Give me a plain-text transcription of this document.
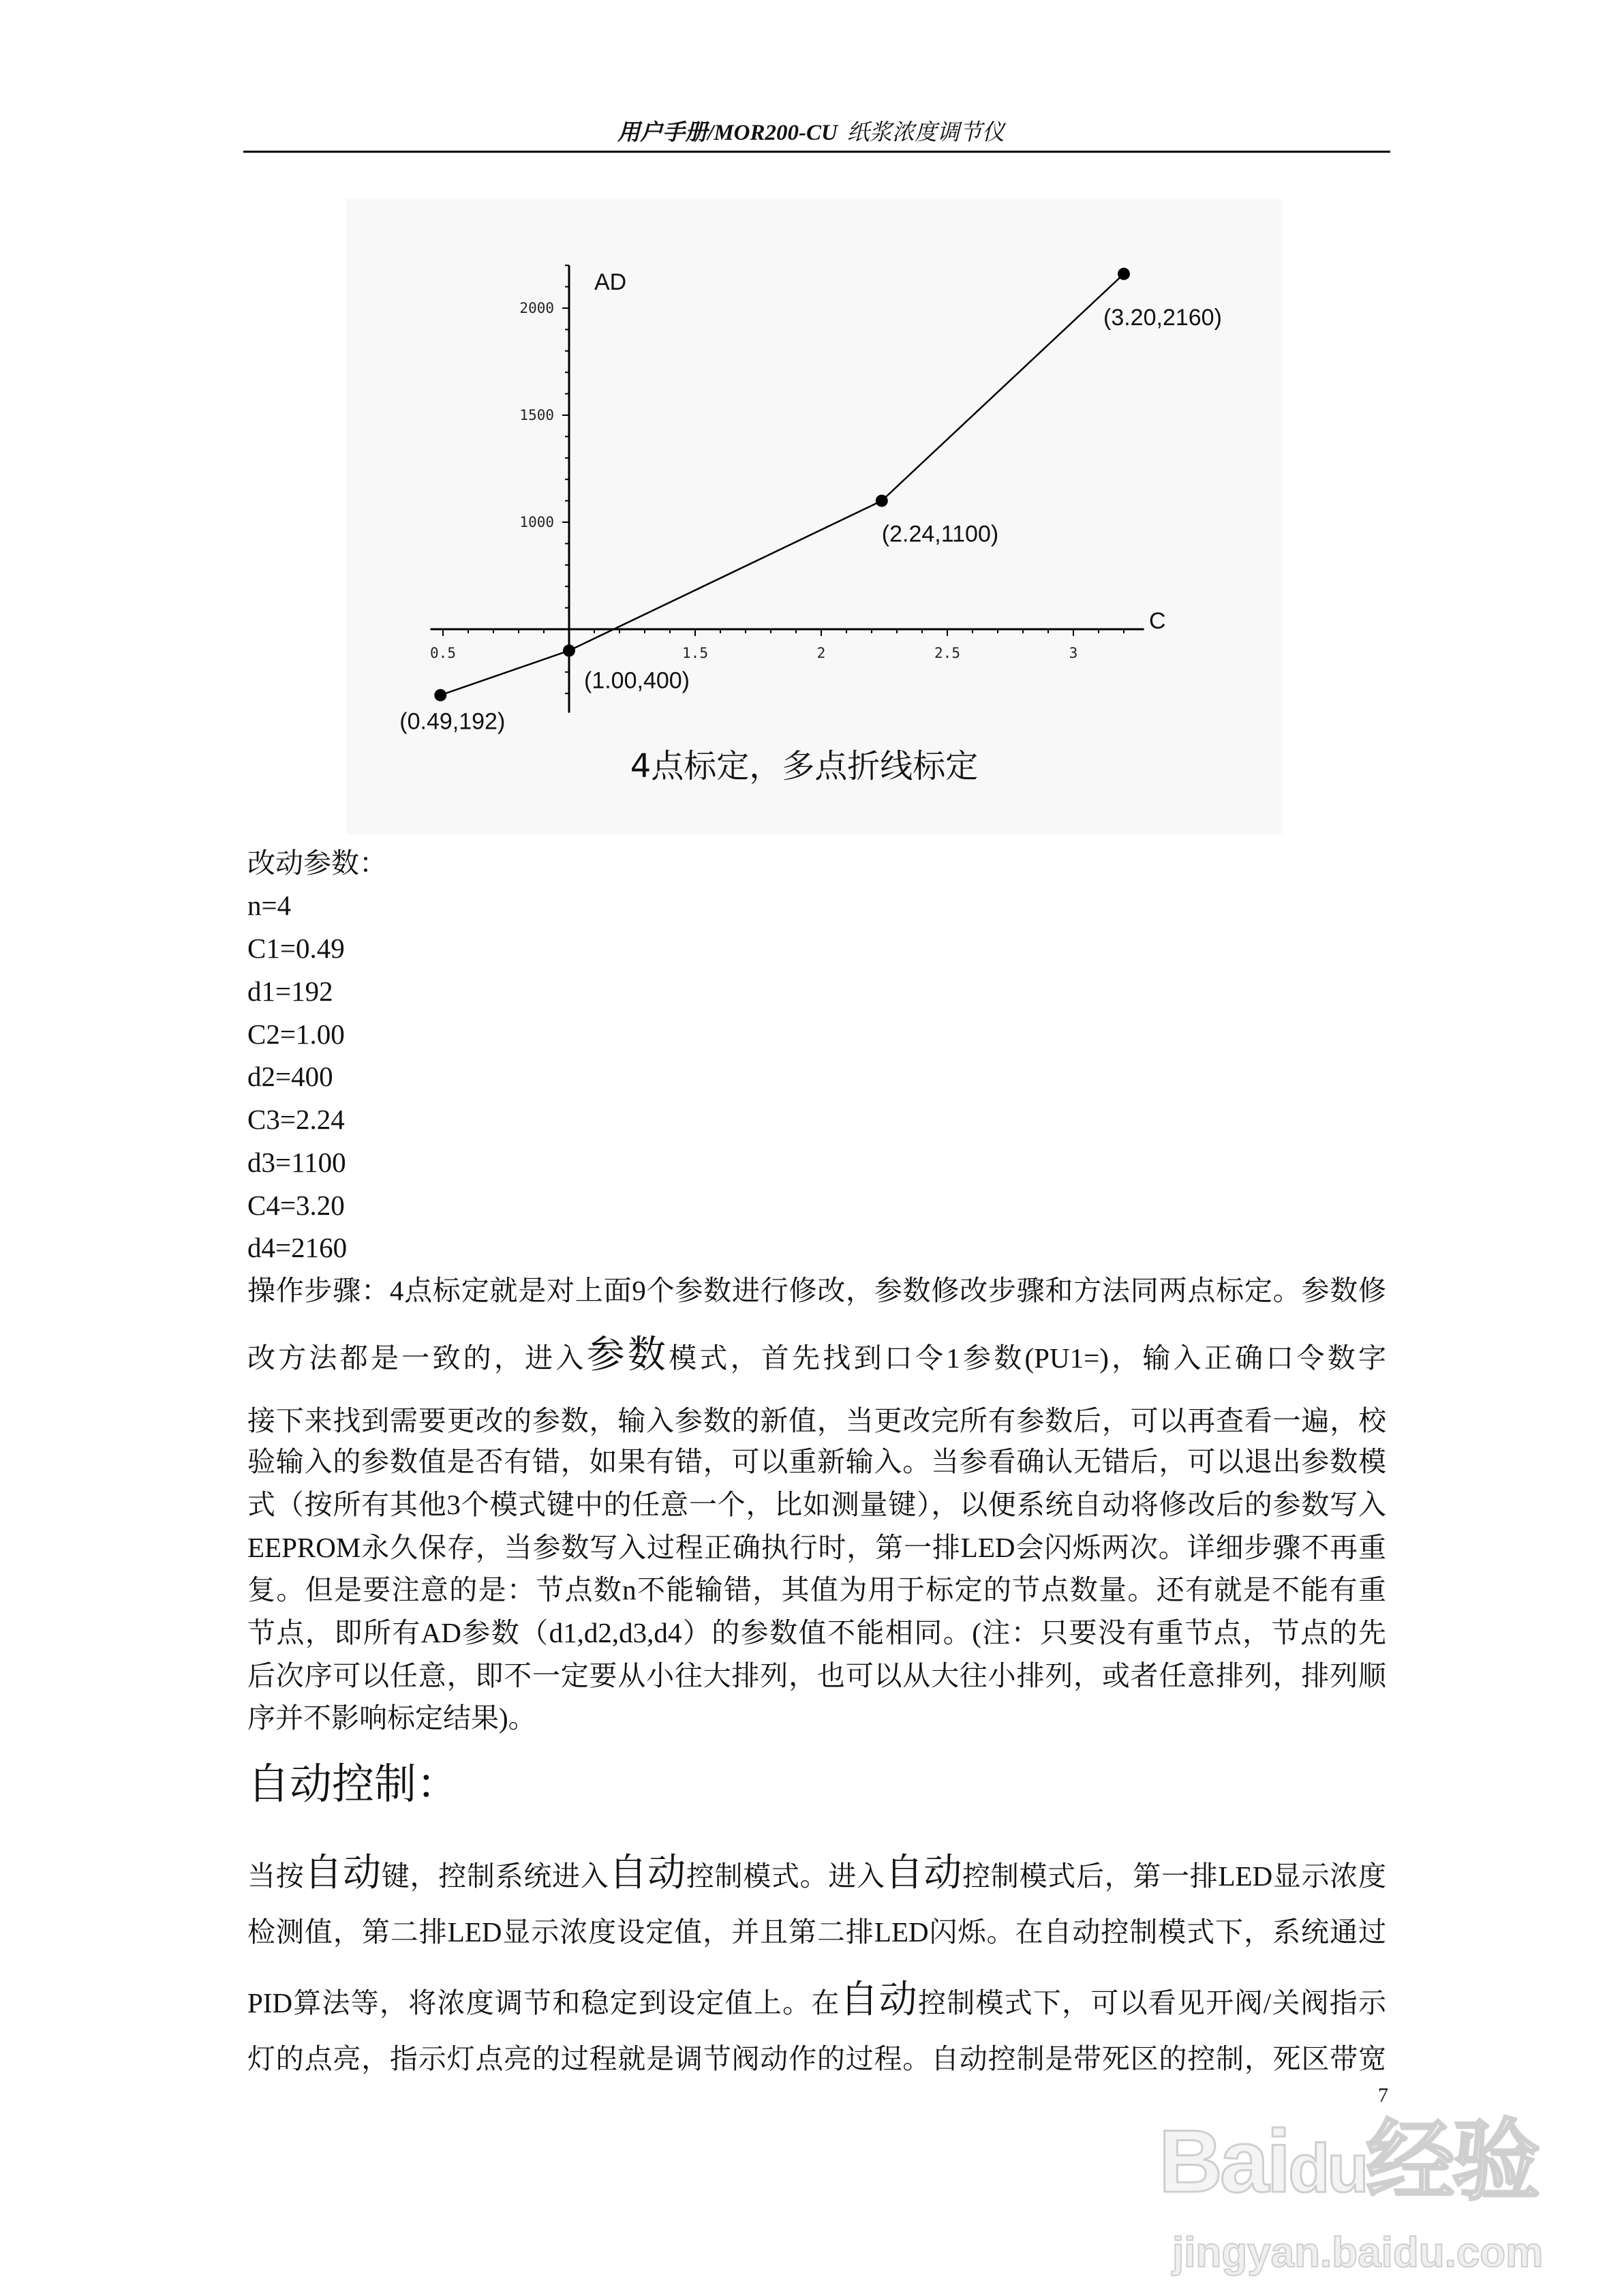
用户手册/MOR200-CU 纸浆浓度调节仪
0.5	1.5	2	2.5	3
1000
1500
2000
(0.49,192)
(1.00,400)
(2.24,1100)
(3.20,2160)
AD
C
4点标定，多点折线标定
改动参数：
n=4
C1=0.49
d1=192
C2=1.00
d2=400
C3=2.24
d3=1100
C4=3.20
d4=2160
操作步骤：4点标定就是对上面9个参数进行修改，参数修改步骤和方法同两点标定。参数修
改方法都是一致的，进入参数模式，首先找到口令1参数(PU1=)，输入正确口令数字
接下来找到需要更改的参数，输入参数的新值，当更改完所有参数后，可以再查看一遍，校
验输入的参数值是否有错，如果有错，可以重新输入。当参看确认无错后，可以退出参数模
式（按所有其他3个模式键中的任意一个，比如测量键），以便系统自动将修改后的参数写入
EEPROM永久保存，当参数写入过程正确执行时，第一排LED会闪烁两次。详细步骤不再重
复。但是要注意的是：节点数n不能输错，其值为用于标定的节点数量。还有就是不能有重
节点，即所有AD参数（d1,d2,d3,d4）的参数值不能相同。(注：只要没有重节点，节点的先
后次序可以任意，即不一定要从小往大排列，也可以从大往小排列，或者任意排列，排列顺
序并不影响标定结果)。
自动控制：
当按自动键，控制系统进入自动控制模式。进入自动控制模式后，第一排LED显示浓度
检测值，第二排LED显示浓度设定值，并且第二排LED闪烁。在自动控制模式下，系统通过
PID算法等，将浓度调节和稳定到设定值上。在自动控制模式下，可以看见开阀/关阀指示
灯的点亮，指示灯点亮的过程就是调节阀动作的过程。自动控制是带死区的控制，死区带宽
Baidu经验
jingyan.baidu.com
7
